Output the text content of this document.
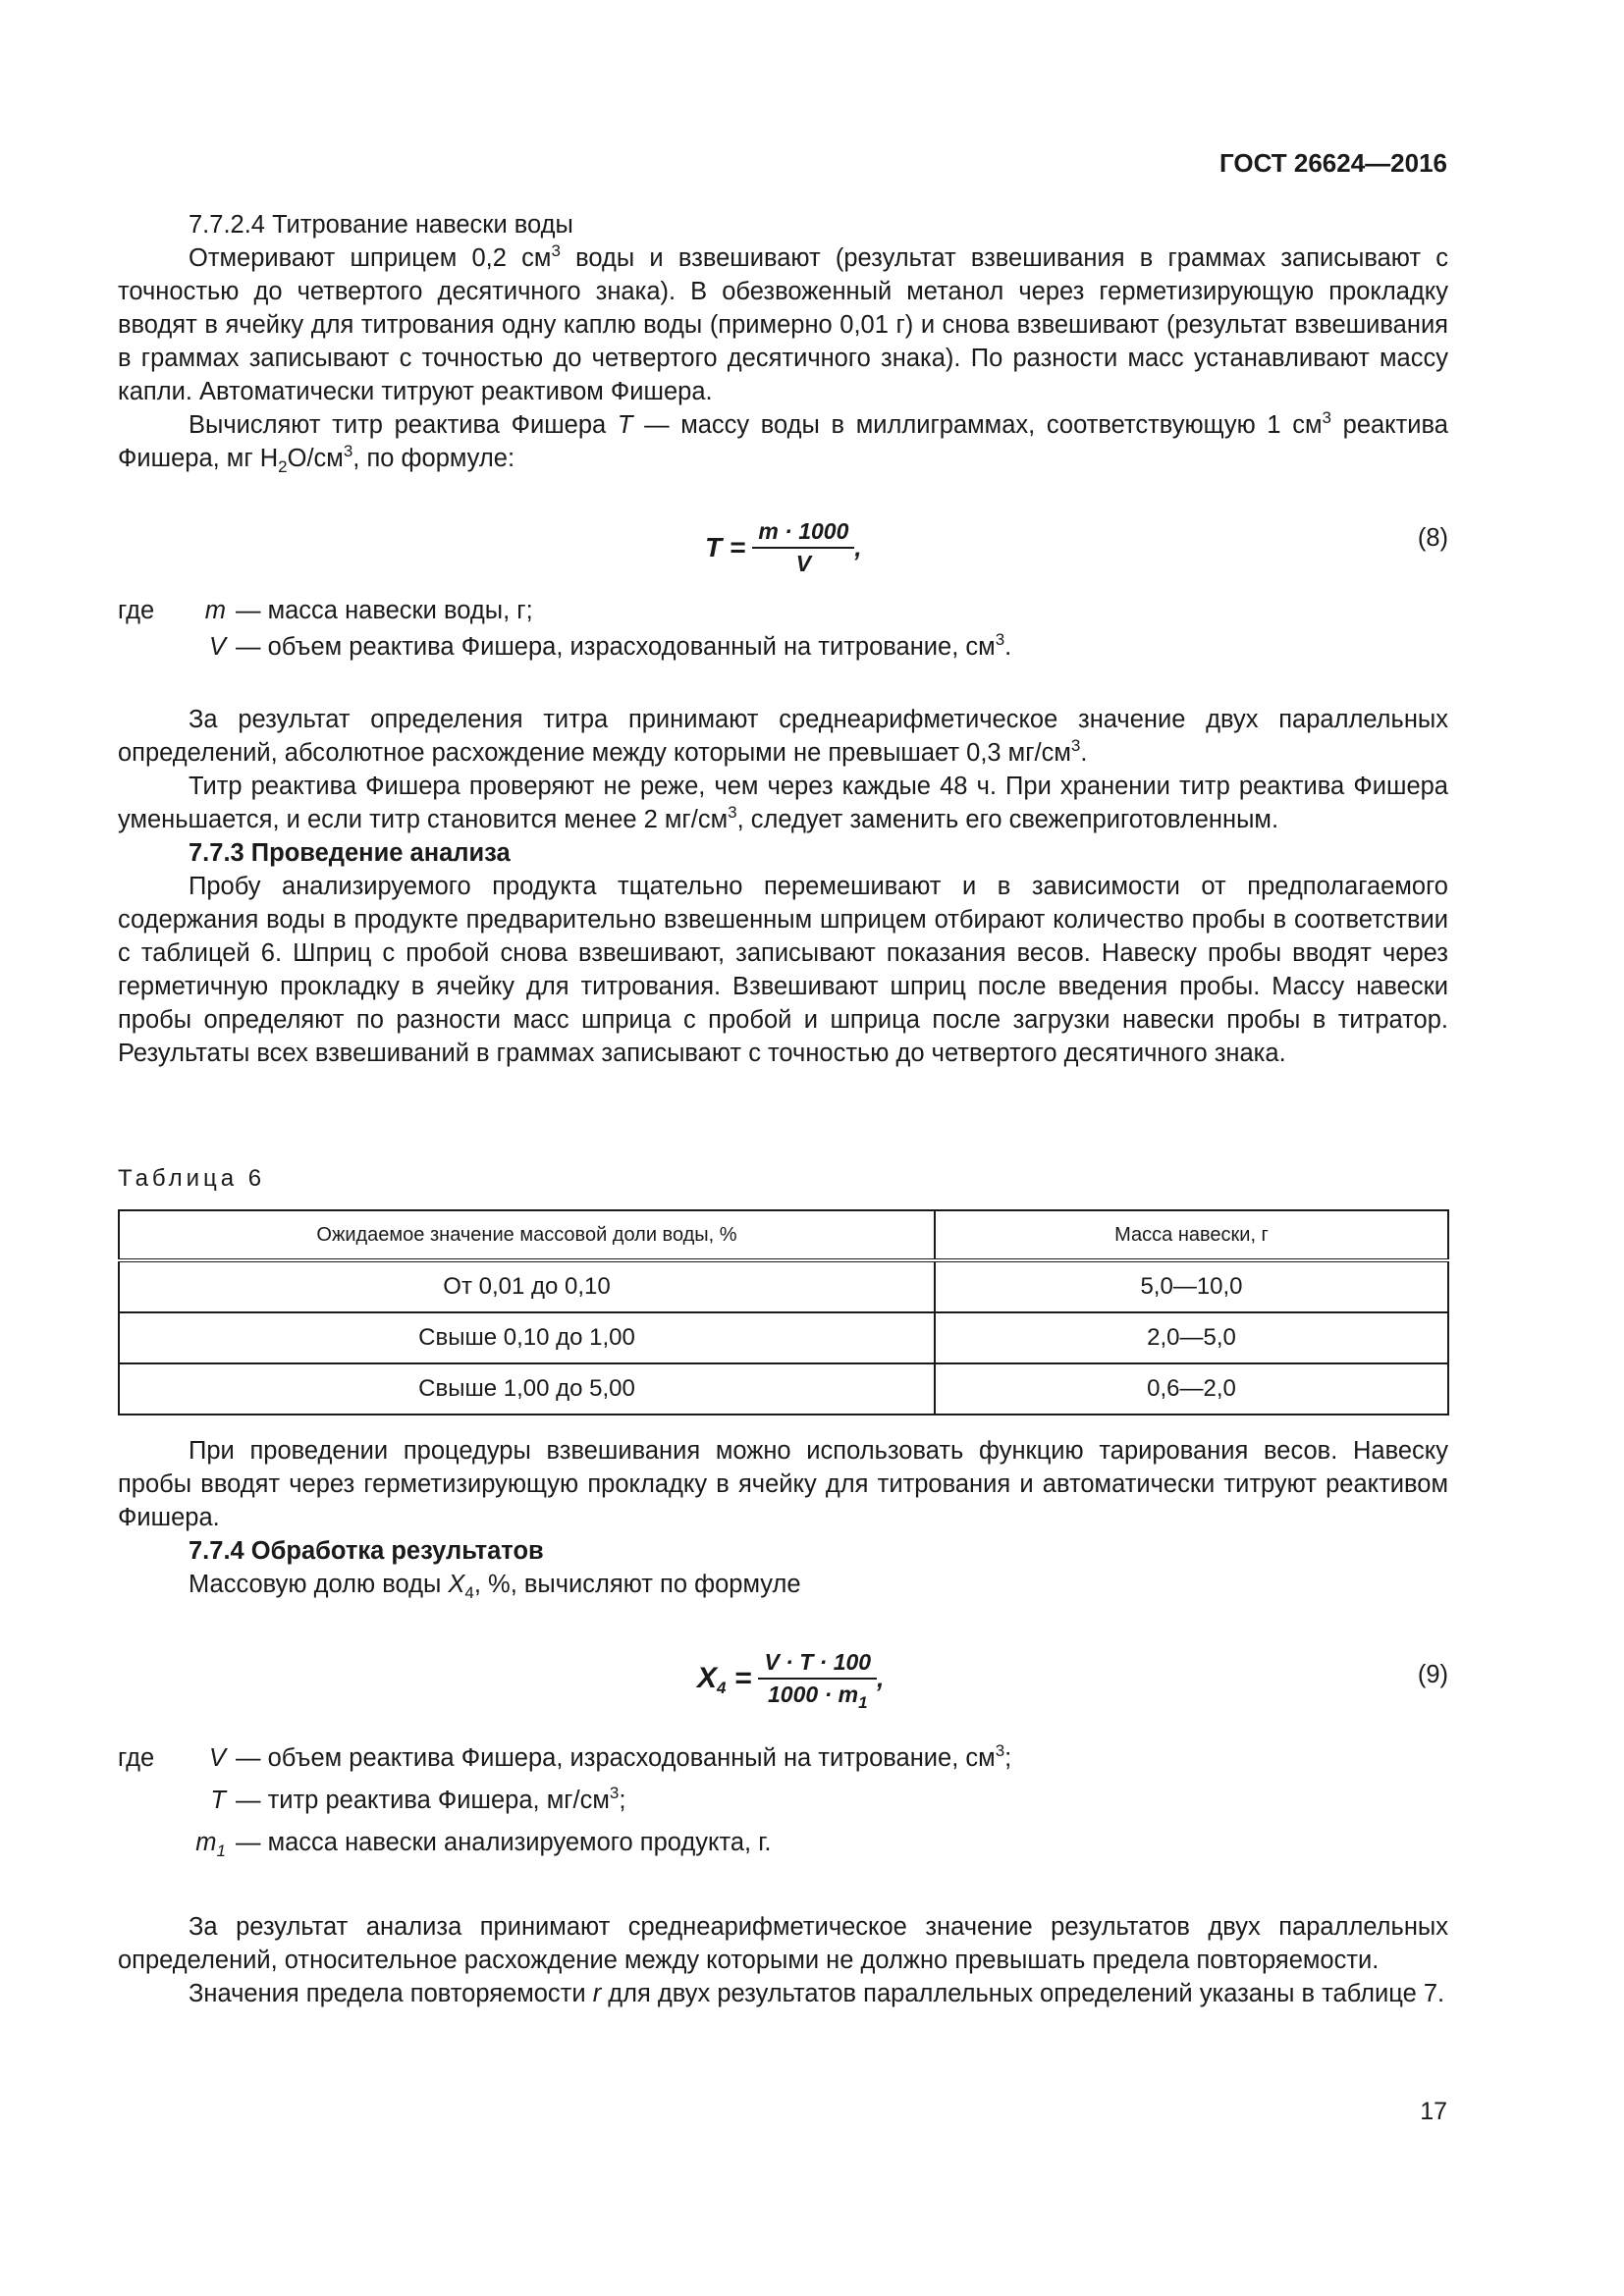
ГОСТ 26624—2016

7.7.2.4 Титрование навески воды

Отмеривают шприцем 0,2 $см^3$ воды и взвешивают (результат взвешивания в граммах записывают с точностью до четвертого десятичного знака). В обезвоженный метанол через герметизирующую прокладку вводят в ячейку для титрования одну каплю воды (примерно 0,01 г) и снова взвешивают (результат взвешивания в граммах записывают с точностью до четвертого десятичного знака). По разности масс устанавливают массу капли. Автоматически титруют реактивом Фишера.

Вычисляют титр реактива Фишера T — массу воды в миллиграммах, соответствующую 1 $см^3$ реактива Фишера, мг $H_2O/см^3$, по формуле:

$T = \frac{m \cdot 1000}{V}$ ,	(8)
где	m — масса навески воды, г;
V — объем реактива Фишера, израсходованный на титрование, $см^3$.

За результат определения титра принимают среднеарифметическое значение двух параллельных определений, абсолютное расхождение между которыми не превышает 0,3 $мг/см^3$.

Титр реактива Фишера проверяют не реже, чем через каждые 48 ч. При хранении титр реактива Фишера уменьшается, и если титр становится менее 2 $мг/см^3$, следует заменить его свежеприготовленным.

7.7.3 Проведение анализа

Пробу анализируемого продукта тщательно перемешивают и в зависимости от предполагаемого содержания воды в продукте предварительно взвешенным шприцем отбирают количество пробы в соответствии с таблицей 6. Шприц с пробой снова взвешивают, записывают показания весов. Навеску пробы вводят через герметичную прокладку в ячейку для титрования. Взвешивают шприц после введения пробы. Массу навески пробы определяют по разности масс шприца с пробой и шприца после загрузки навески пробы в титратор. Результаты всех взвешиваний в граммах записывают с точностью до четвертого десятичного знака.

Таблица 6
Ожидаемое значение массовой доли воды, %	Масса навески, г
От 0,01 до 0,10	5,0—10,0
Свыше 0,10 до 1,00	2,0—5,0
Свыше 1,00 до 5,00	0,6—2,0

При проведении процедуры взвешивания можно использовать функцию тарирования весов. Навеску пробы вводят через герметизирующую прокладку в ячейку для титрования и автоматически титруют реактивом Фишера.

7.7.4 Обработка результатов

Массовую долю воды $X_4$, %, вычисляют по формуле

$X_4 = \frac{V \cdot T \cdot 100}{1000 \cdot m_1}$ ,	(9)
где	V — объем реактива Фишера, израсходованный на титрование, $см^3$;
T — титр реактива Фишера, $мг/см^3$;
$m_1$ — масса навески анализируемого продукта, г.

За результат анализа принимают среднеарифметическое значение результатов двух параллельных определений, относительное расхождение между которыми не должно превышать предела повторяемости.

Значения предела повторяемости r для двух результатов параллельных определений указаны в таблице 7.

17
